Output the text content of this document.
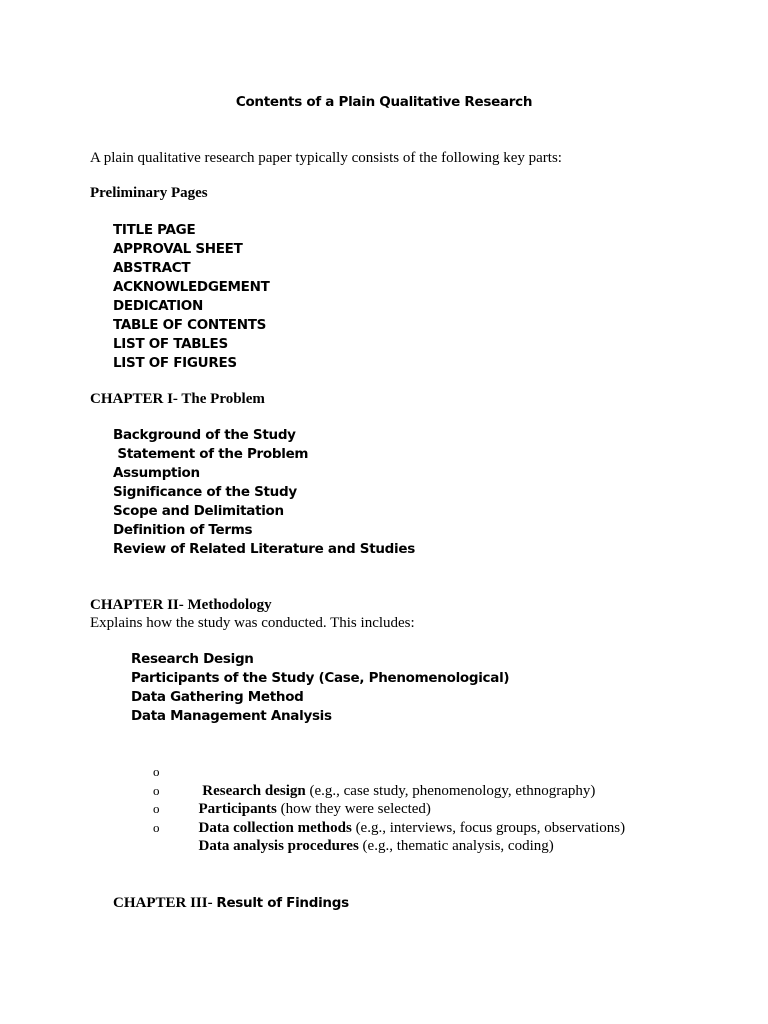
Contents of a Plain Qualitative Research
A plain qualitative research paper typically consists of the following key parts:
Preliminary Pages
TITLE PAGE
APPROVAL SHEET
ABSTRACT
ACKNOWLEDGEMENT
DEDICATION
TABLE OF CONTENTS
LIST OF TABLES
LIST OF FIGURES
CHAPTER I- The Problem
Background of the Study
Statement of the Problem
Assumption
Significance of the Study
Scope and Delimitation
Definition of Terms
Review of Related Literature and Studies
CHAPTER II- Methodology
Explains how the study was conducted. This includes:
Research Design
Participants of the Study (Case, Phenomenological)
Data Gathering Method
Data Management Analysis

o
Research design (e.g., case study, phenomenology, ethnography)

o
Participants (how they were selected)

o
Data collection methods (e.g., interviews, focus groups, observations)

o
Data analysis procedures (e.g., thematic analysis, coding)

CHAPTER III- Result of Findings
